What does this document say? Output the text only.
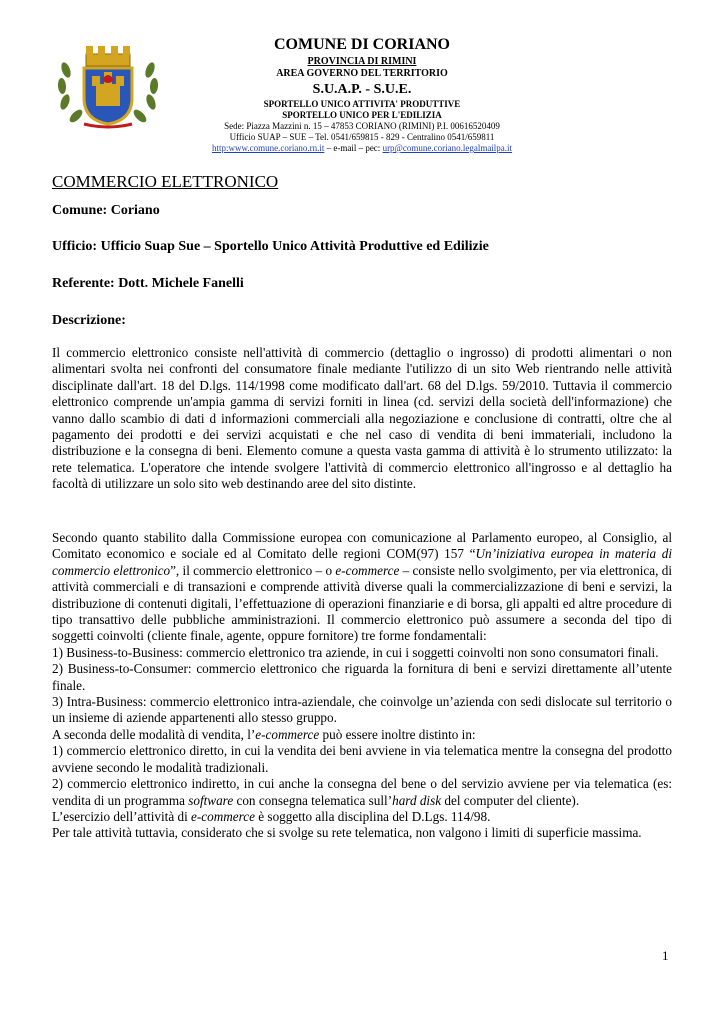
COMUNE DI CORIANO
PROVINCIA DI RIMINI
AREA GOVERNO DEL TERRITORIO
S.U.A.P. - S.U.E.
SPORTELLO UNICO ATTIVITA' PRODUTTIVE
SPORTELLO UNICO PER L'EDILIZIA
Sede: Piazza Mazzini n. 15 – 47853 CORIANO (RIMINI) P.I. 00616520409
Ufficio SUAP – SUE – Tel. 0541/659815 - 829 - Centralino 0541/659811
http:www.comune.coriano.rn.it – e-mail – pec: urp@comune.coriano.legalmailpa.it
COMMERCIO ELETTRONICO
Comune: Coriano
Ufficio: Ufficio Suap Sue – Sportello Unico Attività Produttive ed Edilizie
Referente: Dott. Michele Fanelli
Descrizione:

Il commercio elettronico consiste nell'attività di commercio (dettaglio o ingrosso) di prodotti alimentari o non alimentari svolta nei confronti del consumatore finale mediante l'utilizzo di un sito Web rientrando nelle attività disciplinate dall'art. 18 del D.lgs. 114/1998 come modificato dall'art. 68 del D.lgs. 59/2010. Tuttavia il commercio elettronico comprende un'ampia gamma di servizi forniti in linea (cd. servizi della società dell'informazione) che vanno dallo scambio di dati d informazioni commerciali alla negoziazione e conclusione di contratti, oltre che al pagamento dei prodotti e dei servizi acquistati e che nel caso di vendita di beni immateriali, includono la distribuzione e la consegna di beni. Elemento comune a questa vasta gamma di attività è lo strumento utilizzato: la rete telematica. L'operatore che intende svolgere l'attività di commercio elettronico all'ingrosso e al dettaglio ha facoltà di utilizzare un solo sito web destinando aree del sito distinte.

Secondo quanto stabilito dalla Commissione europea con comunicazione al Parlamento europeo, al Consiglio, al Comitato economico e sociale ed al Comitato delle regioni COM(97) 157 “Un’iniziativa europea in materia di commercio elettronico”, il commercio elettronico – o e-commerce – consiste nello svolgimento, per via elettronica, di attività commerciali e di transazioni e comprende attività diverse quali la commercializzazione di beni e servizi, la distribuzione di contenuti digitali, l’effettuazione di operazioni finanziarie e di borsa, gli appalti ed altre procedure di tipo transattivo delle pubbliche amministrazioni. Il commercio elettronico può assumere a seconda del tipo di soggetti coinvolti (cliente finale, agente, oppure fornitore) tre forme fondamentali:

1) Business-to-Business: commercio elettronico tra aziende, in cui i soggetti coinvolti non sono consumatori finali.

2) Business-to-Consumer: commercio elettronico che riguarda la fornitura di beni e servizi direttamente all’utente finale.

3) Intra-Business: commercio elettronico intra-aziendale, che coinvolge un’azienda con sedi dislocate sul territorio o un insieme di aziende appartenenti allo stesso gruppo.

A seconda delle modalità di vendita, l’e-commerce può essere inoltre distinto in:

1) commercio elettronico diretto, in cui la vendita dei beni avviene in via telematica mentre la consegna del prodotto avviene secondo le modalità tradizionali.

2) commercio elettronico indiretto, in cui anche la consegna del bene o del servizio avviene per via telematica (es: vendita di un programma software con consegna telematica sull’hard disk del computer del cliente).

L’esercizio dell’attività di e-commerce è soggetto alla disciplina del D.Lgs. 114/98.

Per tale attività tuttavia, considerato che si svolge su rete telematica, non valgono i limiti di superficie massima.

1
